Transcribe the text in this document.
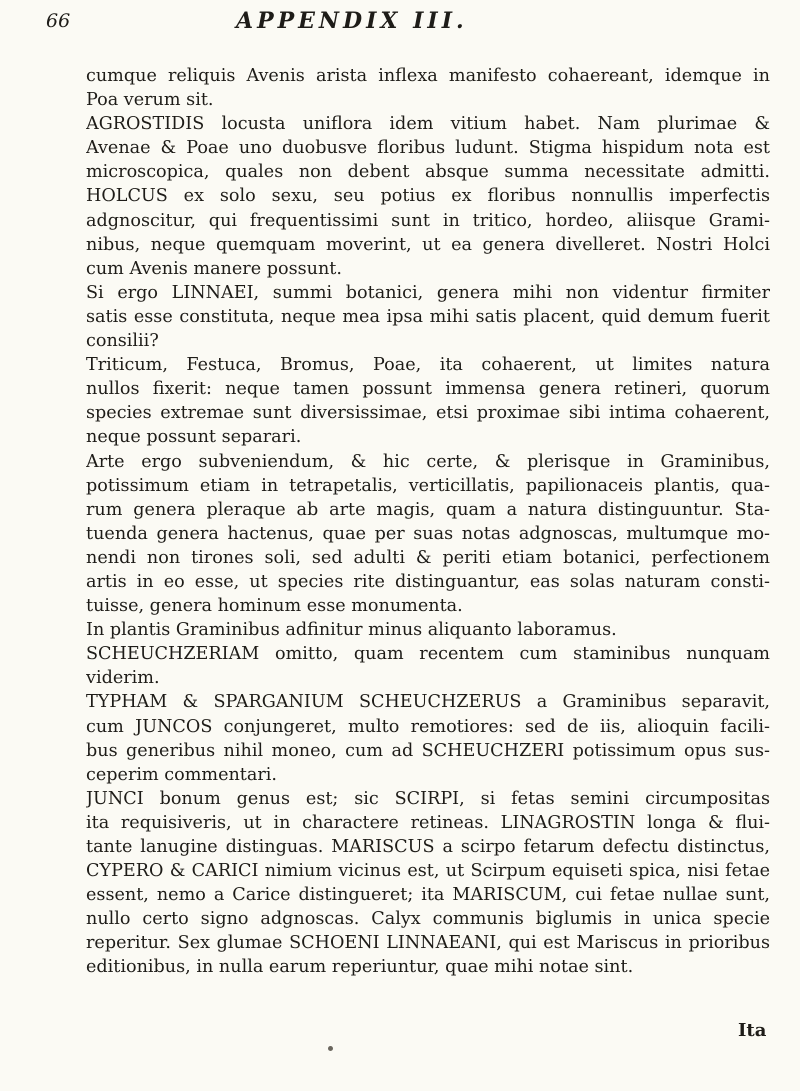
66	APPENDIX III.
cumque reliquis Avenis arista inflexa manifesto cohaereant, idemque in
Poa verum sit.
AGROSTIDIS locusta uniflora idem vitium habet. Nam plurimae &
Avenae & Poae uno duobusve floribus ludunt. Stigma hispidum nota est
microscopica, quales non debent absque summa necessitate admitti.
HOLCUS ex solo sexu, seu potius ex floribus nonnullis imperfectis
adgnoscitur, qui frequentissimi sunt in tritico, hordeo, aliisque Grami-
nibus, neque quemquam moverint, ut ea genera divelleret. Nostri Holci
cum Avenis manere possunt.
Si ergo LINNAEI, summi botanici, genera mihi non videntur firmiter
satis esse constituta, neque mea ipsa mihi satis placent, quid demum fuerit
consilii?
Triticum, Festuca, Bromus, Poae, ita cohaerent, ut limites natura
nullos fixerit: neque tamen possunt immensa genera retineri, quorum
species extremae sunt diversissimae, etsi proximae sibi intima cohaerent,
neque possunt separari.
Arte ergo subveniendum, & hic certe, & plerisque in Graminibus,
potissimum etiam in tetrapetalis, verticillatis, papilionaceis plantis, qua-
rum genera pleraque ab arte magis, quam a natura distinguuntur. Sta-
tuenda genera hactenus, quae per suas notas adgnoscas, multumque mo-
nendi non tirones soli, sed adulti & periti etiam botanici, perfectionem
artis in eo esse, ut species rite distinguantur, eas solas naturam consti-
tuisse, genera hominum esse monumenta.
In plantis Graminibus adfinitur minus aliquanto laboramus.
SCHEUCHZERIAM omitto, quam recentem cum staminibus nunquam
viderim.
TYPHAM & SPARGANIUM SCHEUCHZERUS a Graminibus separavit,
cum JUNCOS conjungeret, multo remotiores: sed de iis, alioquin facili-
bus generibus nihil moneo, cum ad SCHEUCHZERI potissimum opus sus-
ceperim commentari.
JUNCI bonum genus est; sic SCIRPI, si fetas semini circumpositas
ita requisiveris, ut in charactere retineas. LINAGROSTIN longa & flui-
tante lanugine distinguas. MARISCUS a scirpo fetarum defectu distinctus,
CYPERO & CARICI nimium vicinus est, ut Scirpum equiseti spica, nisi fetae
essent, nemo a Carice distingueret; ita MARISCUM, cui fetae nullae sunt,
nullo certo signo adgnoscas. Calyx communis biglumis in unica specie
reperitur. Sex glumae SCHOENI LINNAEANI, qui est Mariscus in prioribus
editionibus, in nulla earum reperiuntur, quae mihi notae sint.
Ita
